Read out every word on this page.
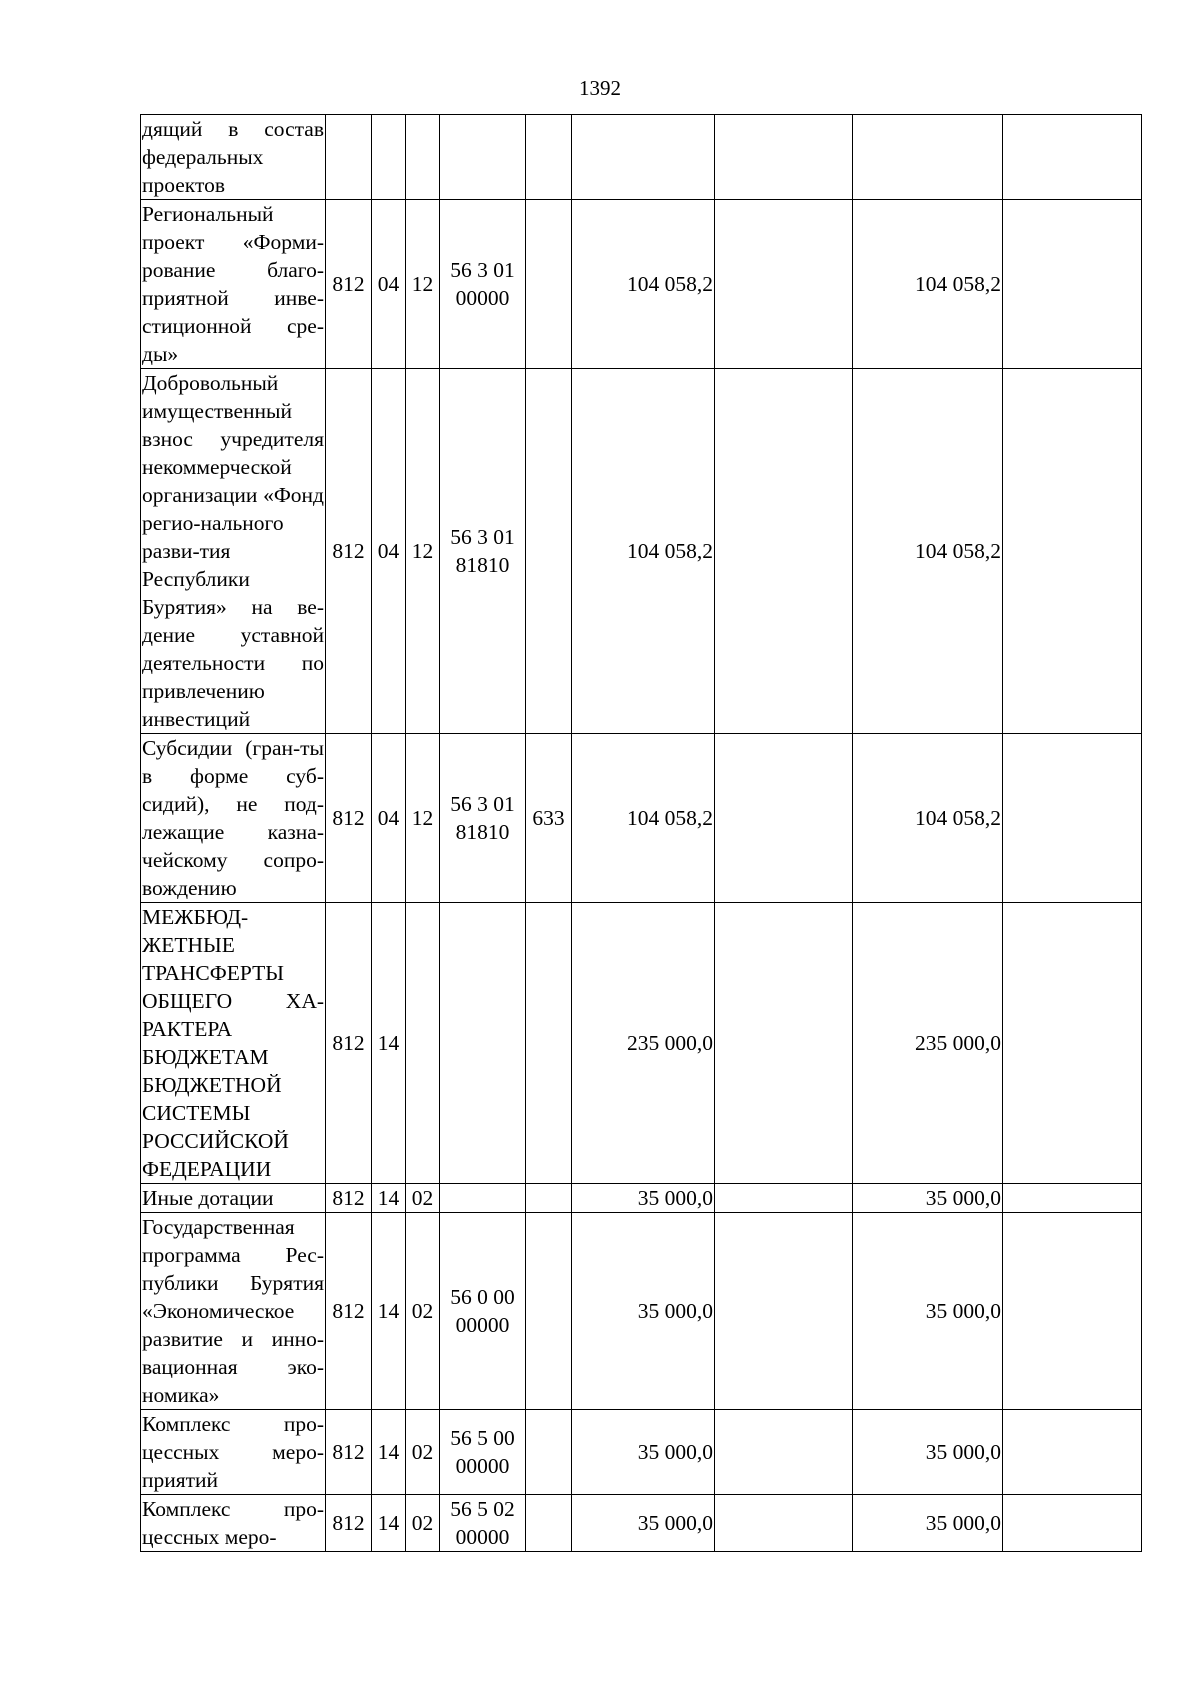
1392
дящий в состав федеральных проектов									
Региональный проект «Форми-рование благо-приятной инве-стиционной сре-ды»	812	04	12	56 3 01 00000		104 058,2		104 058,2	
Добровольный имущественный взнос учредителя некоммерческой организации «Фонд регио-нального разви-тия Республики Бурятия» на ве-дение уставной деятельности по привлечению инвестиций	812	04	12	56 3 01 81810		104 058,2		104 058,2	
Субсидии (гран-ты в форме суб-сидий), не под-лежащие казна-чейскому сопро-вождению	812	04	12	56 3 01 81810	633	104 058,2		104 058,2	
МЕЖБЮД-ЖЕТНЫЕ ТРАНСФЕРТЫ ОБЩЕГО ХА-РАКТЕРА БЮДЖЕТАМ БЮДЖЕТНОЙ СИСТЕМЫ РОССИЙСКОЙ ФЕДЕРАЦИИ	812	14				235 000,0		235 000,0	
Иные дотации	812	14	02			35 000,0		35 000,0	
Государственная программа Рес-публики Бурятия «Экономическое развитие и инно-вационная эко-номика»	812	14	02	56 0 00 00000		35 000,0		35 000,0	
Комплекс про-цессных меро-приятий	812	14	02	56 5 00 00000		35 000,0		35 000,0	
Комплекс про-цессных меро-	812	14	02	56 5 02 00000		35 000,0		35 000,0	
